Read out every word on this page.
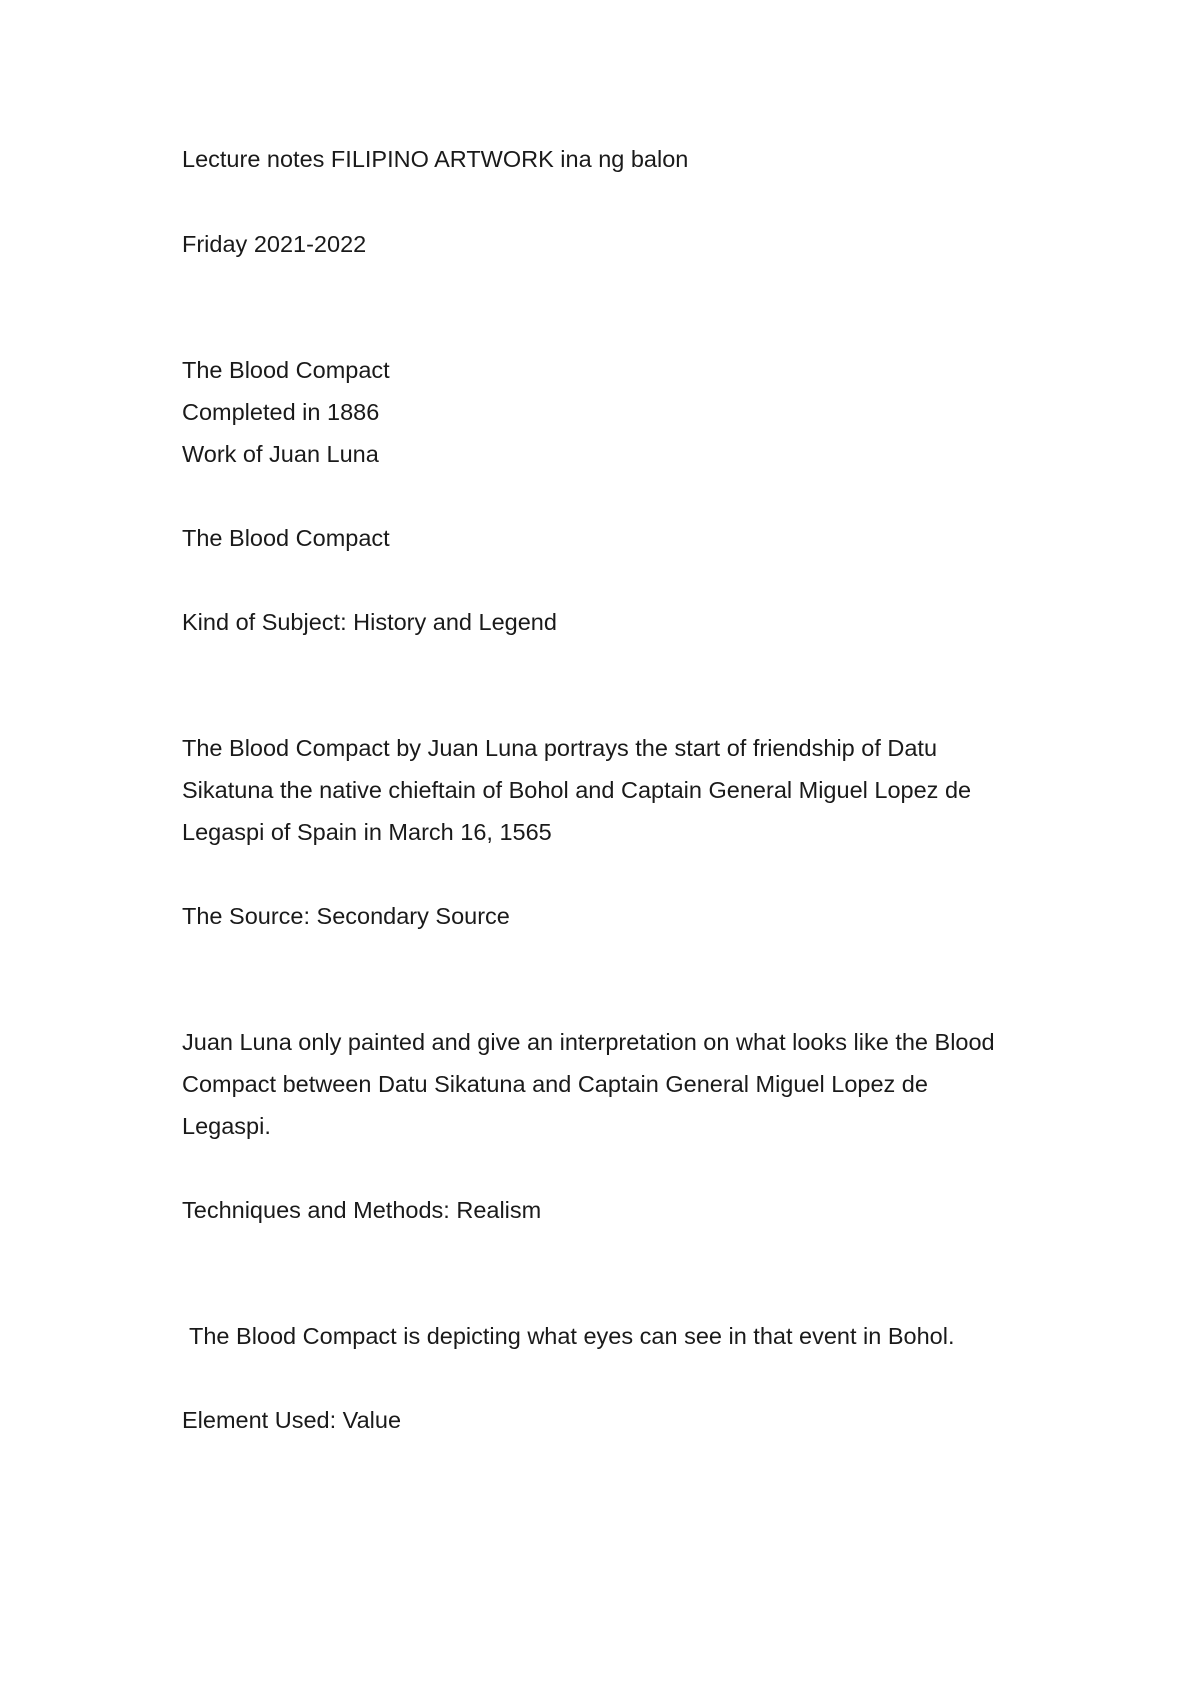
Lecture notes FILIPINO ARTWORK ina ng balon

Friday 2021-2022

The Blood Compact

Completed in 1886

Work of Juan Luna

The Blood Compact

Kind of Subject: History and Legend

The Blood Compact by Juan Luna portrays the start of friendship of Datu

Sikatuna the native chieftain of Bohol and Captain General Miguel Lopez de

Legaspi of Spain in March 16, 1565

The Source: Secondary Source

Juan Luna only painted and give an interpretation on what looks like the Blood

Compact between Datu Sikatuna and Captain General Miguel Lopez de

Legaspi.

Techniques and Methods: Realism

The Blood Compact is depicting what eyes can see in that event in Bohol.

Element Used: Value
